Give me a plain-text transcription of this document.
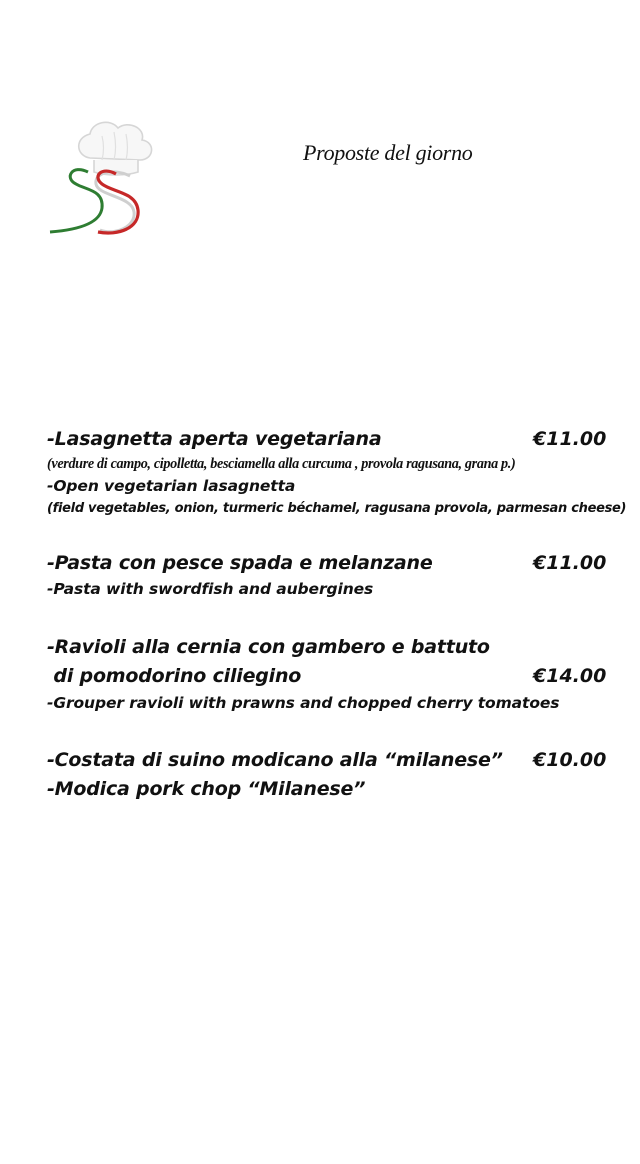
Proposte del giorno
-Lasagnetta aperta vegetariana	€11.00
(verdure di campo, cipolletta, besciamella alla curcuma , provola ragusana, grana p.)
-Open vegetarian lasagnetta
(field vegetables, onion, turmeric béchamel, ragusana provola, parmesan cheese)
-Pasta con pesce spada e melanzane	€11.00
-Pasta with swordfish and aubergines
-Ravioli alla cernia con gambero e battuto
di pomodorino ciliegino	€14.00
-Grouper ravioli with prawns and chopped cherry tomatoes
-Costata di suino modicano alla “milanese” €10.00
-Modica pork chop “Milanese”
